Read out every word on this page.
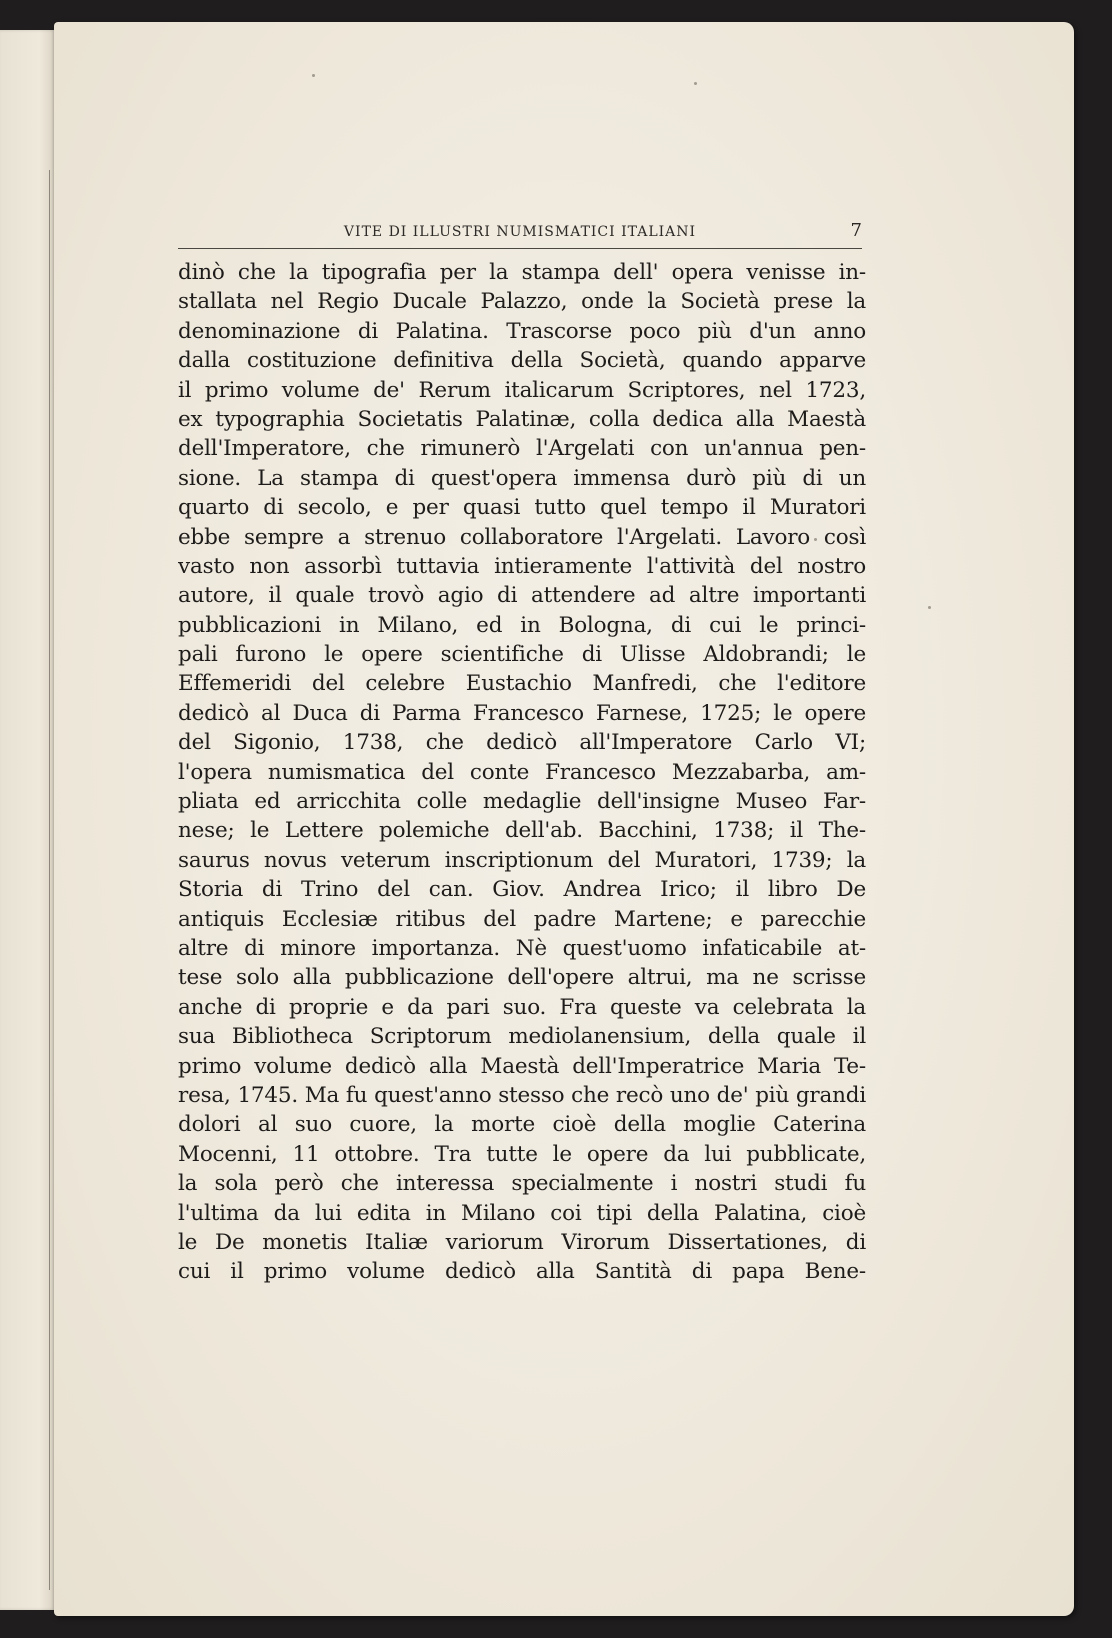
VITE DI ILLUSTRI NUMISMATICI ITALIANI	7
dinò che la tipografia per la stampa dell' opera venisse in-
stallata nel Regio Ducale Palazzo, onde la Società prese la
denominazione di Palatina. Trascorse poco più d'un anno
dalla costituzione definitiva della Società, quando apparve
il primo volume de' Rerum italicarum Scriptores, nel 1723,
ex typographia Societatis Palatinæ, colla dedica alla Maestà
dell'Imperatore, che rimunerò l'Argelati con un'annua pen-
sione. La stampa di quest'opera immensa durò più di un
quarto di secolo, e per quasi tutto quel tempo il Muratori
ebbe sempre a strenuo collaboratore l'Argelati. Lavoro così
vasto non assorbì tuttavia intieramente l'attività del nostro
autore, il quale trovò agio di attendere ad altre importanti
pubblicazioni in Milano, ed in Bologna, di cui le princi-
pali furono le opere scientifiche di Ulisse Aldobrandi; le
Effemeridi del celebre Eustachio Manfredi, che l'editore
dedicò al Duca di Parma Francesco Farnese, 1725; le opere
del Sigonio, 1738, che dedicò all'Imperatore Carlo VI;
l'opera numismatica del conte Francesco Mezzabarba, am-
pliata ed arricchita colle medaglie dell'insigne Museo Far-
nese; le Lettere polemiche dell'ab. Bacchini, 1738; il The-
saurus novus veterum inscriptionum del Muratori, 1739; la
Storia di Trino del can. Giov. Andrea Irico; il libro De
antiquis Ecclesiæ ritibus del padre Martene; e parecchie
altre di minore importanza. Nè quest'uomo infaticabile at-
tese solo alla pubblicazione dell'opere altrui, ma ne scrisse
anche di proprie e da pari suo. Fra queste va celebrata la
sua Bibliotheca Scriptorum mediolanensium, della quale il
primo volume dedicò alla Maestà dell'Imperatrice Maria Te-
resa, 1745. Ma fu quest'anno stesso che recò uno de' più grandi
dolori al suo cuore, la morte cioè della moglie Caterina
Mocenni, 11 ottobre. Tra tutte le opere da lui pubblicate,
la sola però che interessa specialmente i nostri studi fu
l'ultima da lui edita in Milano coi tipi della Palatina, cioè
le De monetis Italiæ variorum Virorum Dissertationes, di
cui il primo volume dedicò alla Santità di papa Bene-
